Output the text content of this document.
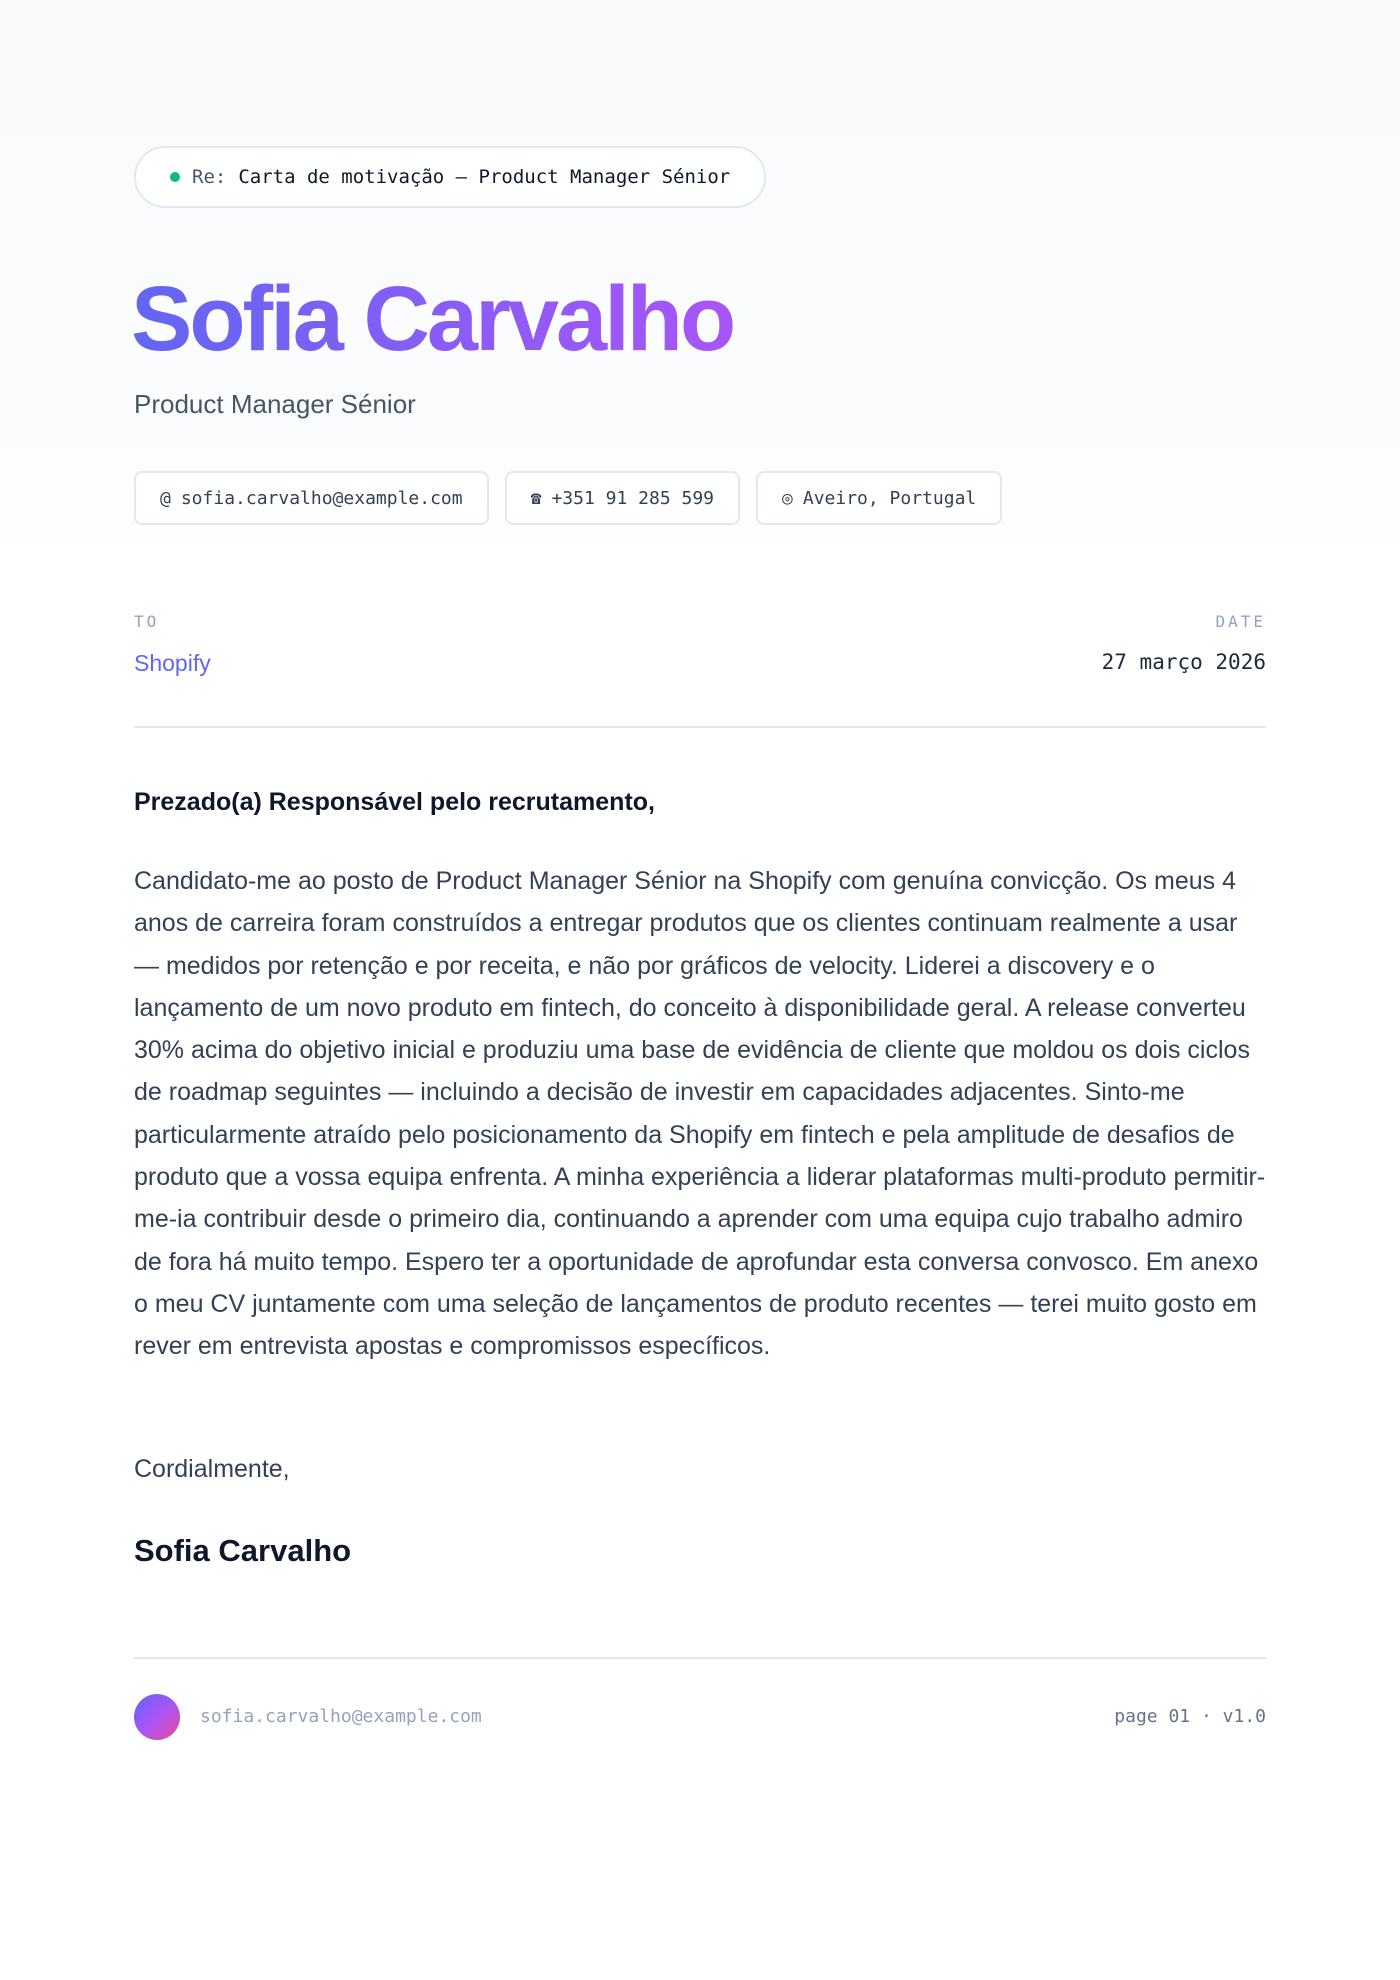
Re: Carta de motivação — Product Manager Sénior
Sofia Carvalho
Product Manager Sénior
@ sofia.carvalho@example.com	☎ +351 91 285 599	◎ Aveiro, Portugal
TO
Shopify
DATE
27 março 2026
Prezado(a) Responsável pelo recrutamento,

Candidato-me ao posto de Product Manager Sénior na Shopify com genuína convicção. Os meus 4 anos de carreira foram construídos a entregar produtos que os clientes continuam realmente a usar — medidos por retenção e por receita, e não por gráficos de velocity. Liderei a discovery e o lançamento de um novo produto em fintech, do conceito à disponibilidade geral. A release converteu 30% acima do objetivo inicial e produziu uma base de evidência de cliente que moldou os dois ciclos de roadmap seguintes — incluindo a decisão de investir em capacidades adjacentes. Sinto-me particularmente atraído pelo posicionamento da Shopify em fintech e pela amplitude de desafios de produto que a vossa equipa enfrenta. A minha experiência a liderar plataformas multi-produto permitir-me-ia contribuir desde o primeiro dia, continuando a aprender com uma equipa cujo trabalho admiro de fora há muito tempo. Espero ter a oportunidade de aprofundar esta conversa convosco. Em anexo o meu CV juntamente com uma seleção de lançamentos de produto recentes — terei muito gosto em rever em entrevista apostas e compromissos específicos.

Cordialmente,
Sofia Carvalho
sofia.carvalho@example.com	page 01 · v1.0
